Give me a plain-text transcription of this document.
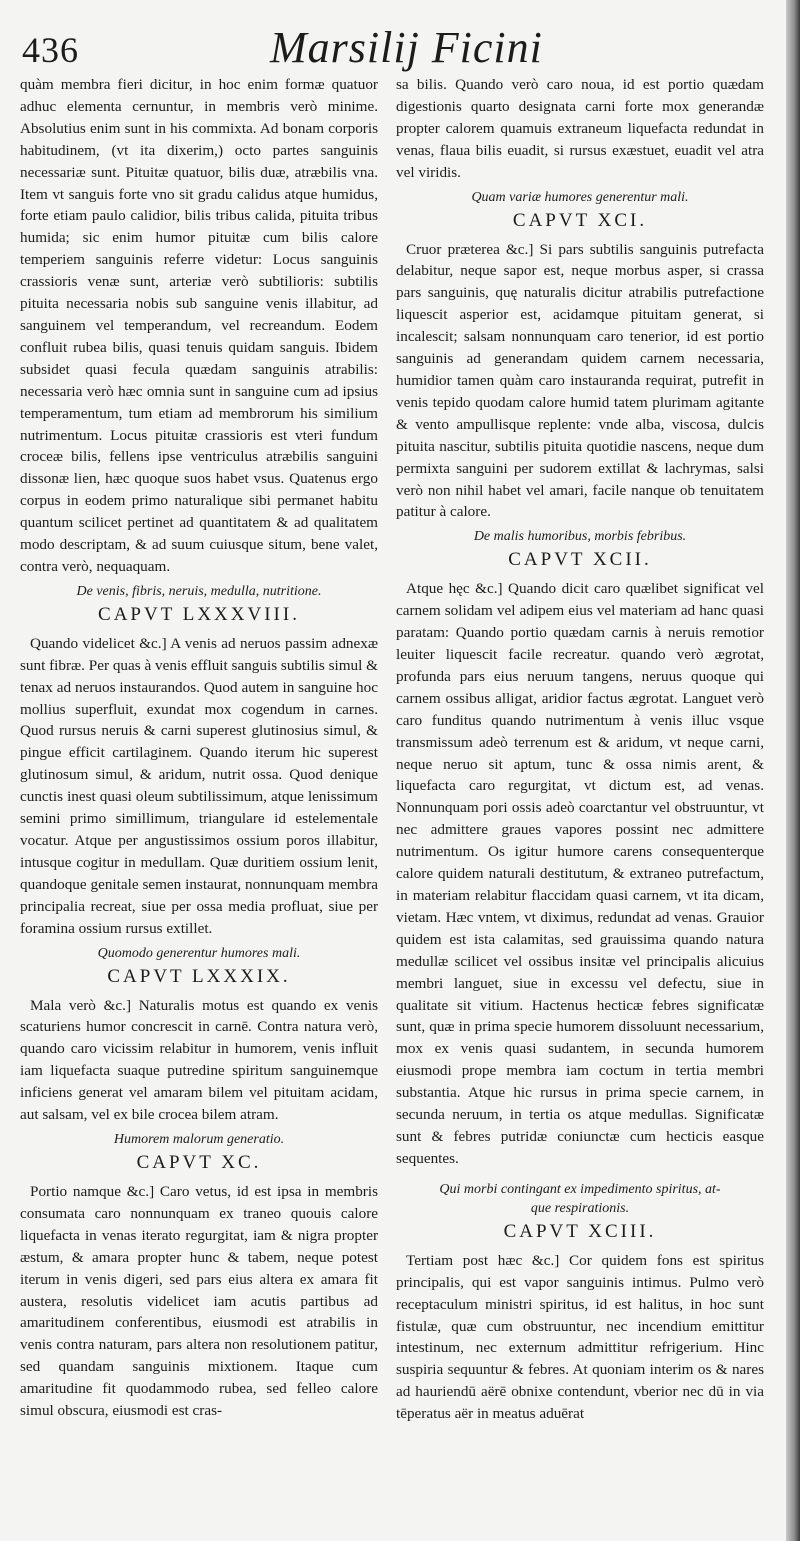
436	Marsilij Ficini

quàm membra fieri dicitur, in hoc enim formæ quatuor adhuc elementa cernuntur, in membris verò minime. Absolutius enim sunt in his commixta. Ad bonam corporis habitudinem, (vt ita dixerim,) octo partes sanguinis necessariæ sunt. Pituitæ quatuor, bilis duæ, atræbilis vna. Item vt sanguis forte vno sit gradu calidus atque humidus, forte etiam paulo calidior, bilis tribus calida, pituita tribus humida; sic enim humor pituitæ cum bilis calore temperiem sanguinis referre videtur: Locus sanguinis crassioris venæ sunt, arteriæ verò subtilioris: subtilis pituita necessaria nobis sub sanguine venis illabitur, ad sanguinem vel temperandum, vel recreandum. Eodem confluit rubea bilis, quasi tenuis quidam sanguis. Ibidem subsidet quasi fecula quædam sanguinis atrabilis: necessaria verò hæc omnia sunt in sanguine cum ad ipsius temperamentum, tum etiam ad membrorum his similium nutrimentum. Locus pituitæ crassioris est vteri fundum croceæ bilis, fellens ipse ventriculus atræbilis sanguini dissonæ lien, hæc quoque suos habet vsus. Quatenus ergo corpus in eodem primo naturalique sibi permanet habitu quantum scilicet pertinet ad quantitatem & ad qualitatem modo descriptam, & ad suum cuiusque situm, bene valet, contra verò, nequaquam.

De venis, fibris, neruis, medulla, nutritione.
CAPVT LXXXVIII.

Quando videlicet &c.] A venis ad neruos passim adnexæ sunt fibræ. Per quas à venis effluit sanguis subtilis simul & tenax ad neruos instaurandos. Quod autem in sanguine hoc mollius superfluit, exundat mox cogendum in carnes. Quod rursus neruis & carni superest glutinosius simul, & pingue efficit cartilaginem. Quando iterum hic superest glutinosum simul, & aridum, nutrit ossa. Quod denique cunctis inest quasi oleum subtilissimum, atque lenissimum semini primo simillimum, triangulare id estelementale vocatur. Atque per angustissimos ossium poros illabitur, intusque cogitur in medullam. Quæ duritiem ossium lenit, quandoque genitale semen instaurat, nonnunquam membra principalia recreat, siue per ossa media profluat, siue per foramina ossium rursus extillet.

Quomodo generentur humores mali.
CAPVT LXXXIX.

Mala verò &c.] Naturalis motus est quando ex venis scaturiens humor concrescit in carnē. Contra natura verò, quando caro vicissim relabitur in humorem, venis influit iam liquefacta suaque putredine spiritum sanguinemque inficiens generat vel amaram bilem vel pituitam acidam, aut salsam, vel ex bile crocea bilem atram.

Humorem malorum generatio.
CAPVT XC.

Portio namque &c.] Caro vetus, id est ipsa in membris consumata caro nonnunquam ex traneo quouis calore liquefacta in venas iterato regurgitat, iam & nigra propter æstum, & amara propter hunc & tabem, neque potest iterum in venis digeri, sed pars eius altera ex amara fit austera, resolutis videlicet iam acutis partibus ad amaritudinem conferentibus, eiusmodi est atrabilis in venis contra naturam, pars altera non resolutionem patitur, sed quandam sanguinis mixtionem. Itaque cum amaritudine fit quodammodo rubea, sed felleo calore simul obscura, eiusmodi est cras-

sa bilis. Quando verò caro noua, id est portio quædam digestionis quarto designata carni forte mox generandæ propter calorem quamuis extraneum liquefacta redundat in venas, flaua bilis euadit, si rursus exæstuet, euadit vel atra vel viridis.

Quam variæ humores generentur mali.
CAPVT XCI.

Cruor præterea &c.] Si pars subtilis sanguinis putrefacta delabitur, neque sapor est, neque morbus asper, si crassa pars sanguinis, quę naturalis dicitur atrabilis putrefactione liquescit asperior est, acidamque pituitam generat, si incalescit; salsam nonnunquam caro tenerior, id est portio sanguinis ad generandam quidem carnem necessaria, humidior tamen quàm caro instauranda requirat, putrefit in venis tepido quodam calore humid tatem plurimam agitante & vento ampullisque replente: vnde alba, viscosa, dulcis pituita nascitur, subtilis pituita quotidie nascens, neque dum permixta sanguini per sudorem extillat & lachrymas, salsi verò non nihil habet vel amari, facile nanque ob tenuitatem patitur à calore.

De malis humoribus, morbis febribus.
CAPVT XCII.

Atque hęc &c.] Quando dicit caro quælibet significat vel carnem solidam vel adipem eius vel materiam ad hanc quasi paratam: Quando portio quædam carnis à neruis remotior leuiter liquescit facile recreatur. quando verò ægrotat, profunda pars eius neruum tangens, neruus quoque qui carnem ossibus alligat, aridior factus ægrotat. Languet verò caro funditus quando nutrimentum à venis illuc vsque transmissum adeò terrenum est & aridum, vt neque carni, neque neruo sit aptum, tunc & ossa nimis arent, & liquefacta caro regurgitat, vt dictum est, ad venas. Nonnunquam pori ossis adeò coarctantur vel obstruuntur, vt nec admittere graues vapores possint nec admittere nutrimentum. Os igitur humore carens consequenterque calore quidem naturali destitutum, & extraneo putrefactum, in materiam relabitur flaccidam quasi carnem, vt ita dicam, vietam. Hæc vntem, vt diximus, redundat ad venas. Grauior quidem est ista calamitas, sed grauissima quando natura medullæ scilicet vel ossibus insitæ vel principalis alicuius membri languet, siue in excessu vel defectu, siue in qualitate sit vitium. Hactenus hecticæ febres significatæ sunt, quæ in prima specie humorem dissoluunt necessarium, mox ex venis quasi sudantem, in secunda humorem eiusmodi prope membra iam coctum in tertia membri substantia. Atque hic rursus in prima specie carnem, in secunda neruum, in tertia os atque medullas. Significatæ sunt & febres putridæ coniunctæ cum hecticis easque sequentes.

Qui morbi contingant ex impedimento spiritus, at-
que respirationis.
CAPVT XCIII.

Tertiam post hæc &c.] Cor quidem fons est spiritus principalis, qui est vapor sanguinis intimus. Pulmo verò receptaculum ministri spiritus, id est halitus, in hoc sunt fistulæ, quæ cum obstruuntur, nec incendium emittitur intestinum, nec externum admittitur refrigerium. Hinc suspiria sequuntur & febres. At quoniam interim os & nares ad hauriendū aërē obnixe contendunt, vberior nec dū in via tēperatus aër in meatus aduērat
